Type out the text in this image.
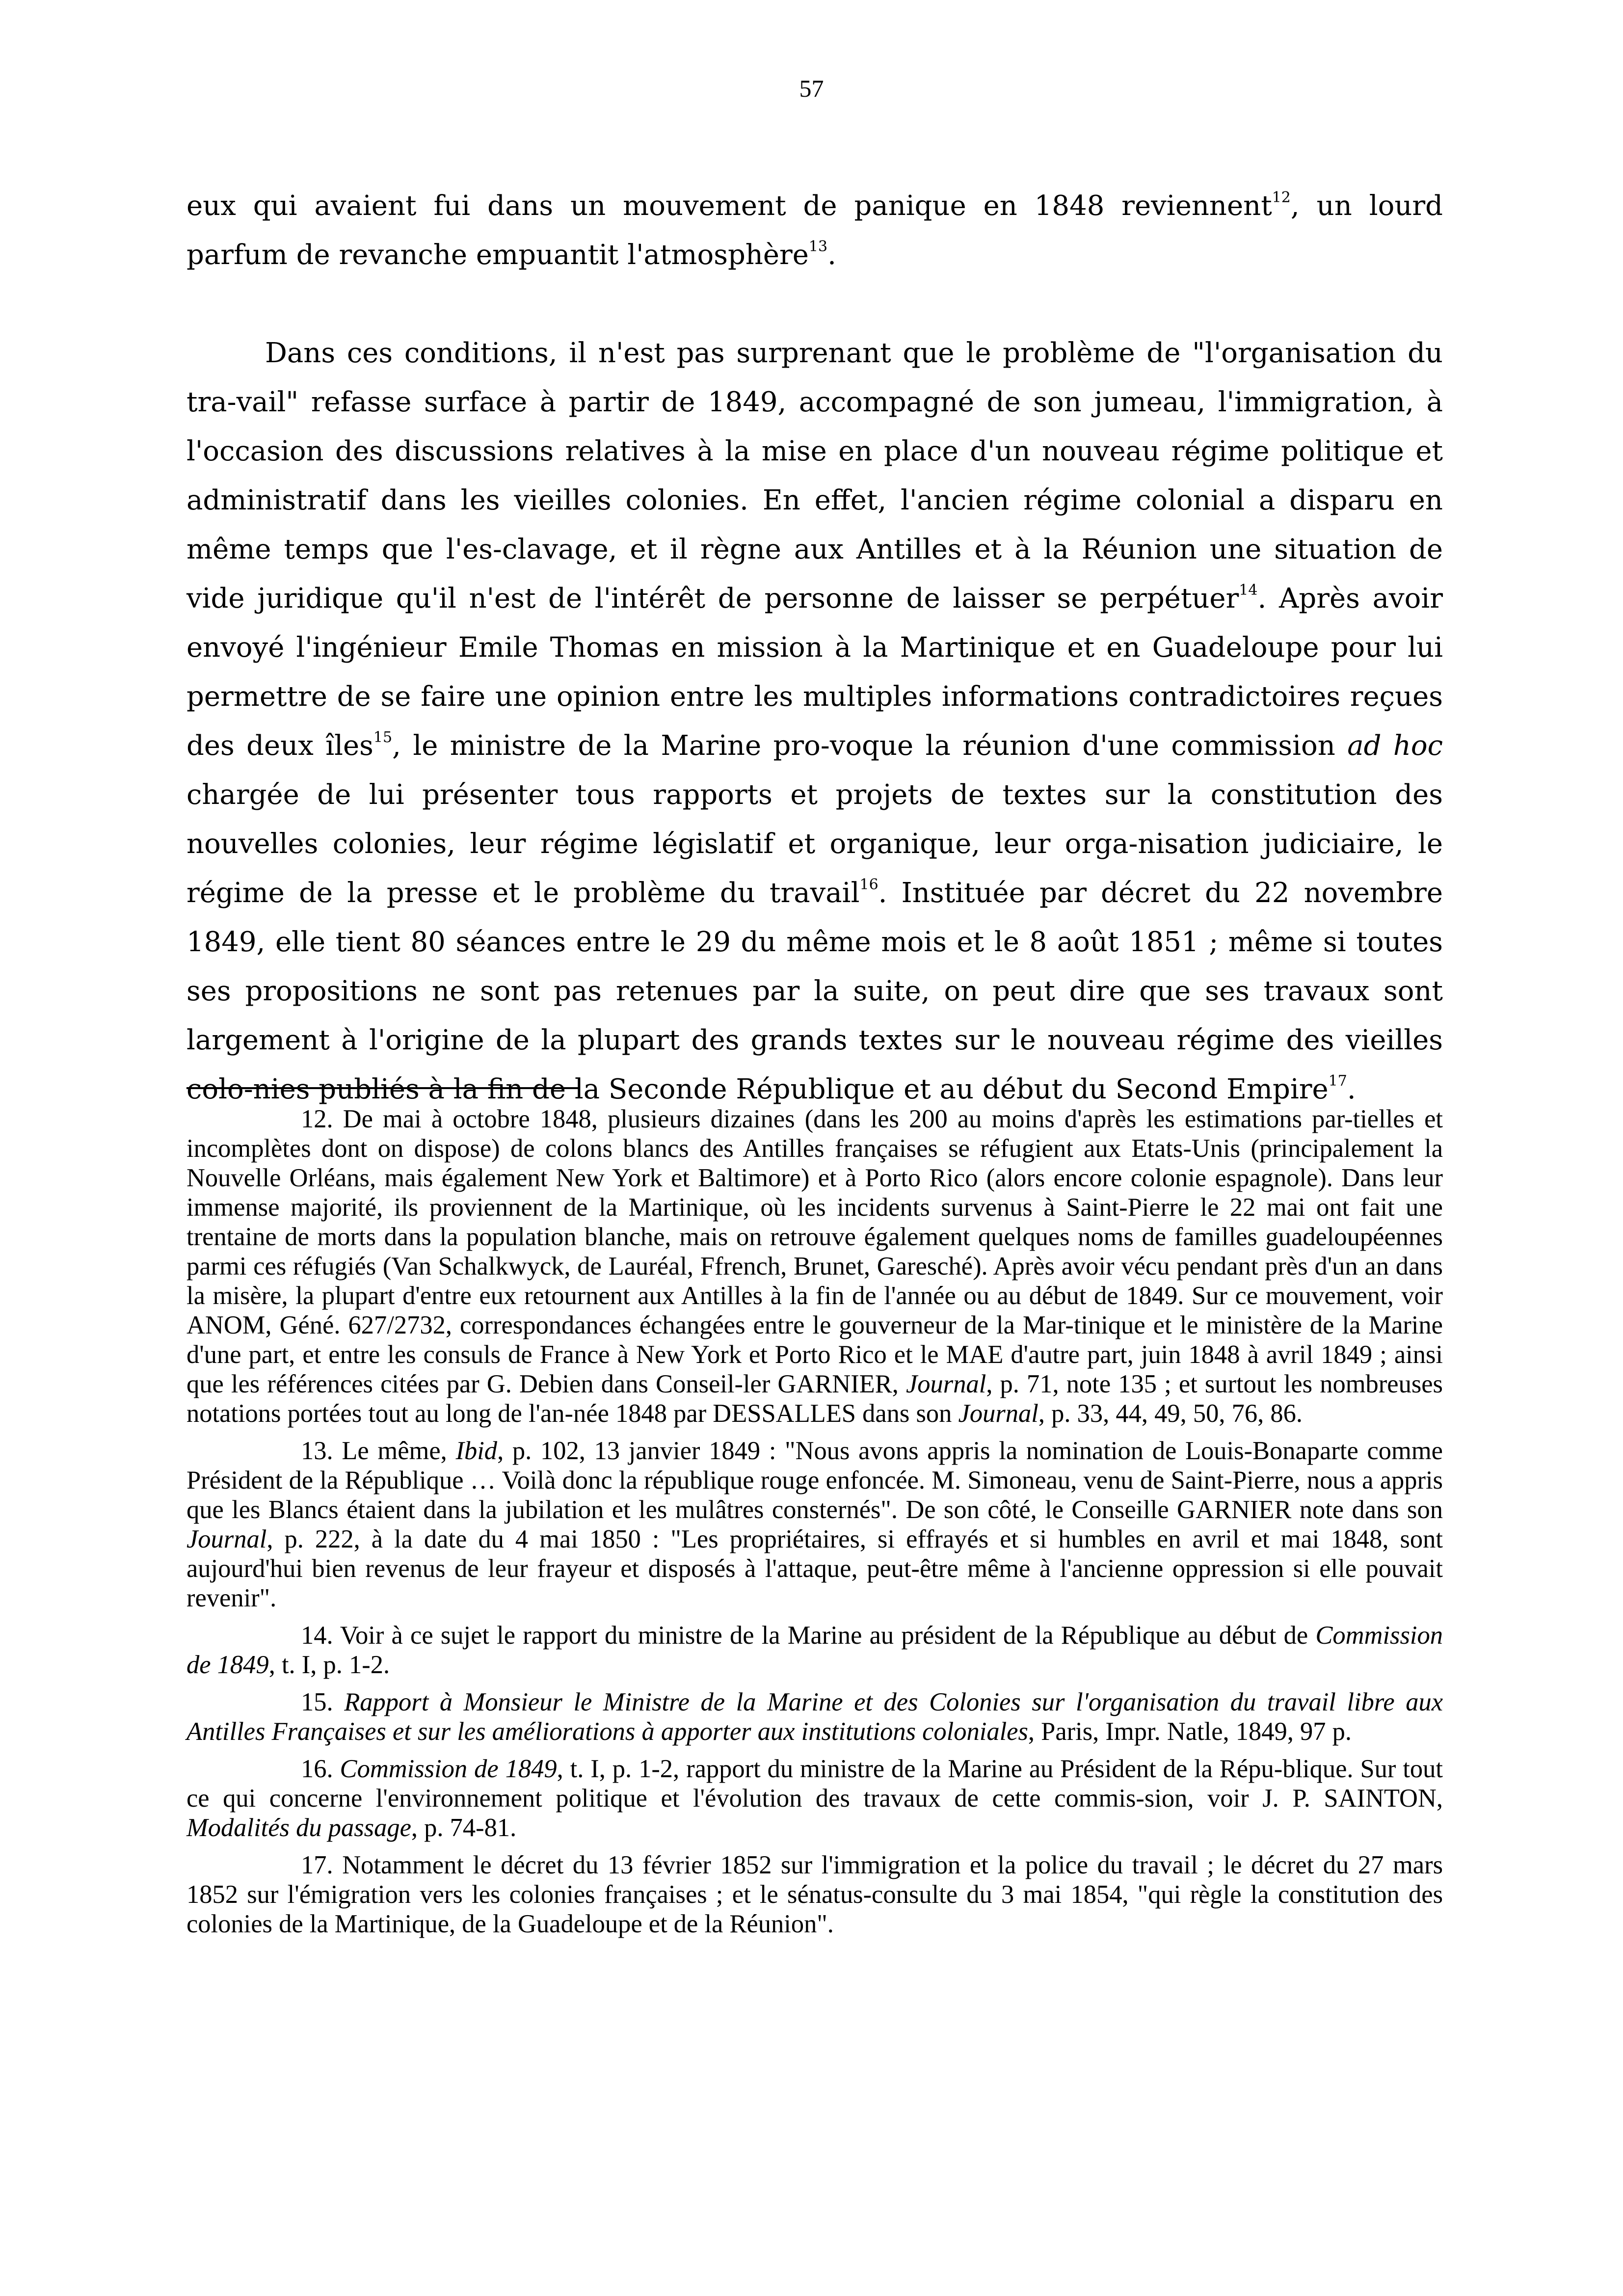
57

eux qui avaient fui dans un mouvement de panique en 1848 reviennent$^{12}$, un lourd parfum de revanche empuantit l'atmosphère$^{13}$.

Dans ces conditions, il n'est pas surprenant que le problème de "l'organisation du tra-vail" refasse surface à partir de 1849, accompagné de son jumeau, l'immigration, à l'occasion des discussions relatives à la mise en place d'un nouveau régime politique et administratif dans les vieilles colonies. En effet, l'ancien régime colonial a disparu en même temps que l'es-clavage, et il règne aux Antilles et à la Réunion une situation de vide juridique qu'il n'est de l'intérêt de personne de laisser se perpétuer$^{14}$. Après avoir envoyé l'ingénieur Emile Thomas en mission à la Martinique et en Guadeloupe pour lui permettre de se faire une opinion entre les multiples informations contradictoires reçues des deux îles$^{15}$, le ministre de la Marine pro-voque la réunion d'une commission ad hoc chargée de lui présenter tous rapports et projets de textes sur la constitution des nouvelles colonies, leur régime législatif et organique, leur orga-nisation judiciaire, le régime de la presse et le problème du travail$^{16}$. Instituée par décret du 22 novembre 1849, elle tient 80 séances entre le 29 du même mois et le 8 août 1851 ; même si toutes ses propositions ne sont pas retenues par la suite, on peut dire que ses travaux sont largement à l'origine de la plupart des grands textes sur le nouveau régime des vieilles colo-nies publiés à la fin de la Seconde République et au début du Second Empire$^{17}$.

12. De mai à octobre 1848, plusieurs dizaines (dans les 200 au moins d'après les estimations par-tielles et incomplètes dont on dispose) de colons blancs des Antilles françaises se réfugient aux Etats-Unis (principalement la Nouvelle Orléans, mais également New York et Baltimore) et à Porto Rico (alors encore colonie espagnole). Dans leur immense majorité, ils proviennent de la Martinique, où les incidents survenus à Saint-Pierre le 22 mai ont fait une trentaine de morts dans la population blanche, mais on retrouve également quelques noms de familles guadeloupéennes parmi ces réfugiés (Van Schalkwyck, de Lauréal, Ffrench, Brunet, Garesché). Après avoir vécu pendant près d'un an dans la misère, la plupart d'entre eux retournent aux Antilles à la fin de l'année ou au début de 1849. Sur ce mouvement, voir ANOM, Géné. 627/2732, correspondances échangées entre le gouverneur de la Mar-tinique et le ministère de la Marine d'une part, et entre les consuls de France à New York et Porto Rico et le MAE d'autre part, juin 1848 à avril 1849 ; ainsi que les références citées par G. Debien dans Conseil-ler GARNIER, Journal, p. 71, note 135 ; et surtout les nombreuses notations portées tout au long de l'an-née 1848 par DESSALLES dans son Journal, p. 33, 44, 49, 50, 76, 86.

13. Le même, Ibid, p. 102, 13 janvier 1849 : "Nous avons appris la nomination de Louis-Bonaparte comme Président de la République … Voilà donc la république rouge enfoncée. M. Simoneau, venu de Saint-Pierre, nous a appris que les Blancs étaient dans la jubilation et les mulâtres consternés". De son côté, le Conseille GARNIER note dans son Journal, p. 222, à la date du 4 mai 1850 : "Les propriétaires, si effrayés et si humbles en avril et mai 1848, sont aujourd'hui bien revenus de leur frayeur et disposés à l'attaque, peut-être même à l'ancienne oppression si elle pouvait revenir".

14. Voir à ce sujet le rapport du ministre de la Marine au président de la République au début de Commission de 1849, t. I, p. 1-2.

15. Rapport à Monsieur le Ministre de la Marine et des Colonies sur l'organisation du travail libre aux Antilles Françaises et sur les améliorations à apporter aux institutions coloniales, Paris, Impr. Natle, 1849, 97 p.

16. Commission de 1849, t. I, p. 1-2, rapport du ministre de la Marine au Président de la Répu-blique. Sur tout ce qui concerne l'environnement politique et l'évolution des travaux de cette commis-sion, voir J. P. SAINTON, Modalités du passage, p. 74-81.

17. Notamment le décret du 13 février 1852 sur l'immigration et la police du travail ; le décret du 27 mars 1852 sur l'émigration vers les colonies françaises ; et le sénatus-consulte du 3 mai 1854, "qui règle la constitution des colonies de la Martinique, de la Guadeloupe et de la Réunion".
